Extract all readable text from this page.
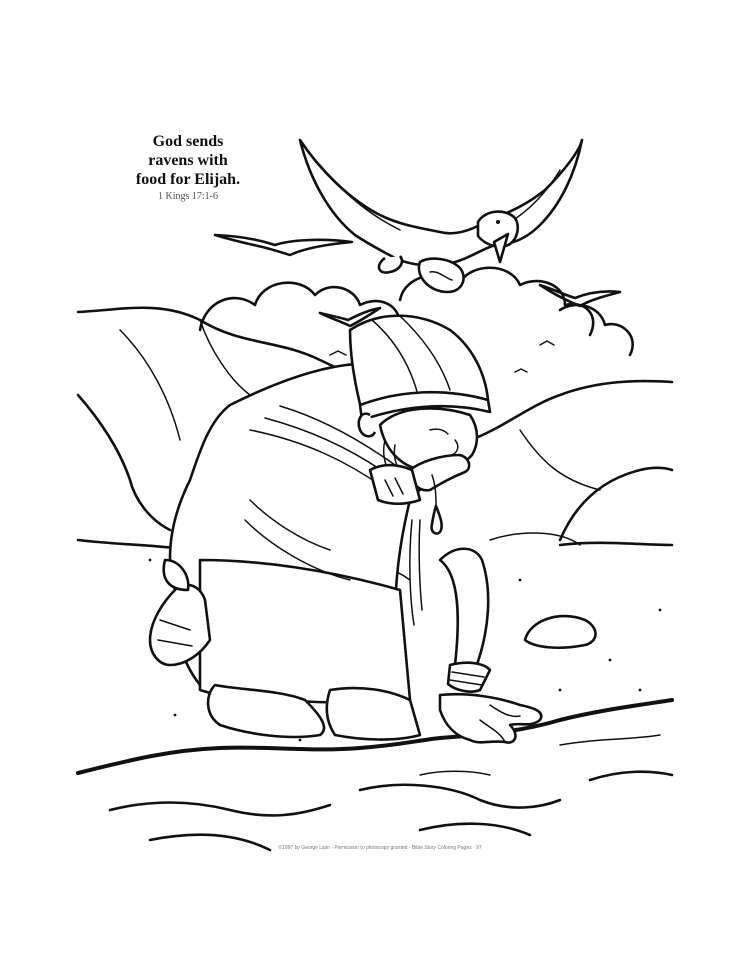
God sends
ravens with
food for Elijah.
1 Kings 17:1-6
©1997 by George Lipin · Permission to photocopy granted · Bible Story Coloring Pages · 97
